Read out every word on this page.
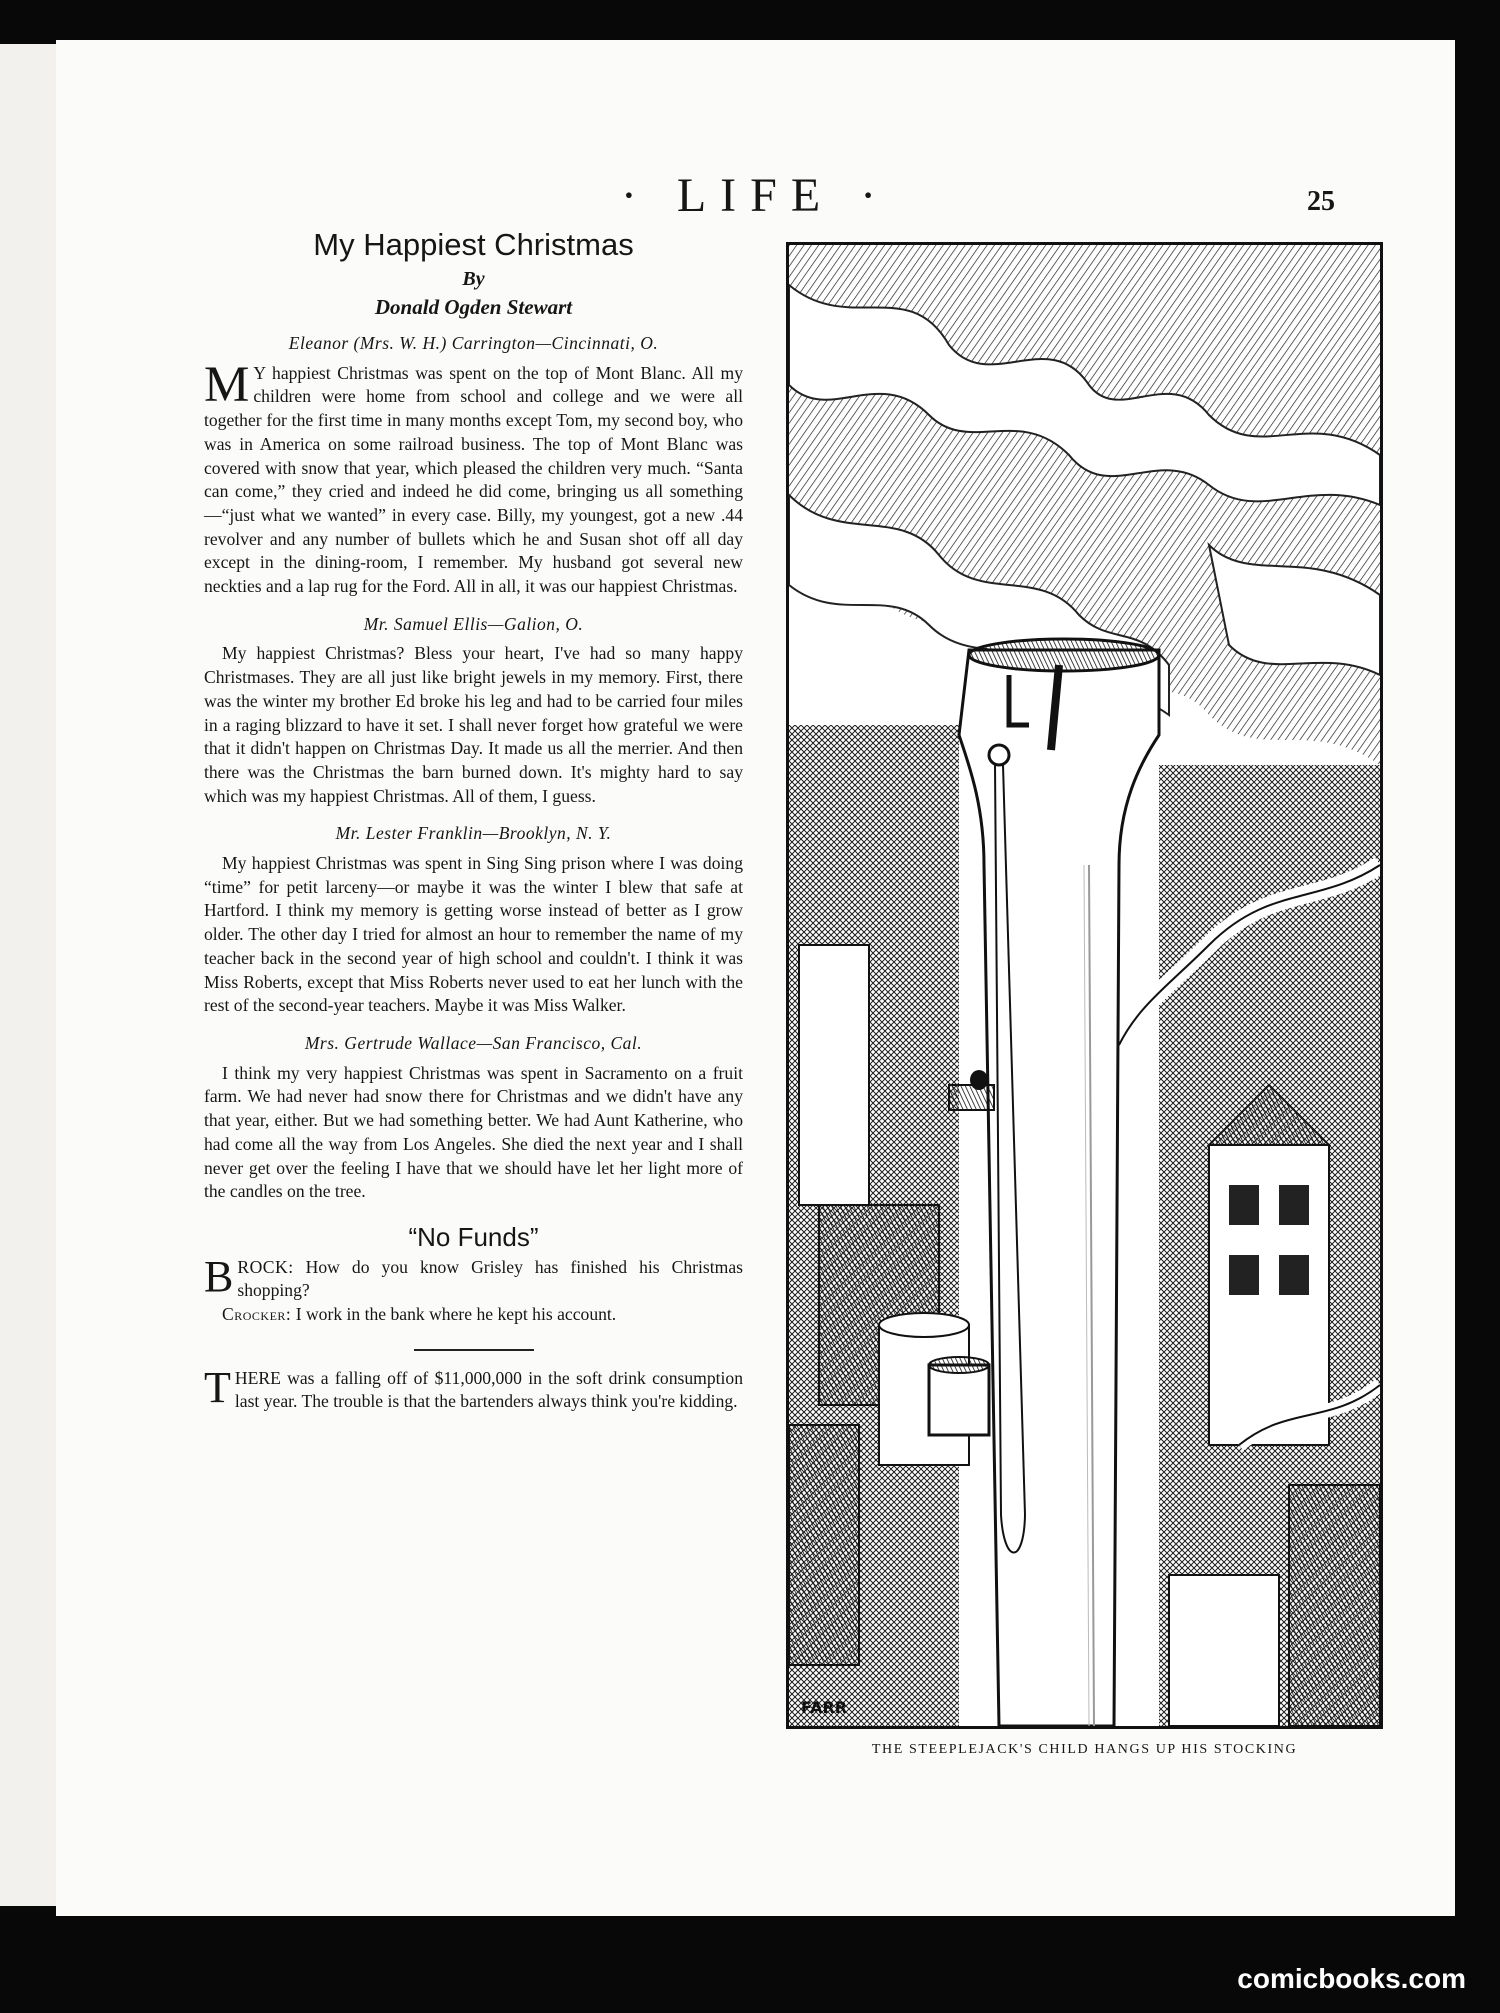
· LIFE ·	25
My Happiest Christmas
By
Donald Ogden Stewart
Eleanor (Mrs. W. H.) Carrington—Cincinnati, O.

M Y happiest Christmas was spent on the top of Mont Blanc. All my children were home from school and college and we were all together for the first time in many months except Tom, my second boy, who was in America on some railroad business. The top of Mont Blanc was covered with snow that year, which pleased the children very much. “Santa can come,” they cried and indeed he did come, bringing us all something—“just what we wanted” in every case. Billy, my youngest, got a new .44 revolver and any number of bullets which he and Susan shot off all day except in the dining-room, I remember. My husband got several new neckties and a lap rug for the Ford. All in all, it was our happiest Christmas.

Mr. Samuel Ellis—Galion, O.

My happiest Christmas? Bless your heart, I've had so many happy Christmases. They are all just like bright jewels in my memory. First, there was the winter my brother Ed broke his leg and had to be carried four miles in a raging blizzard to have it set. I shall never forget how grateful we were that it didn't happen on Christmas Day. It made us all the merrier. And then there was the Christmas the barn burned down. It's mighty hard to say which was my happiest Christmas. All of them, I guess.

Mr. Lester Franklin—Brooklyn, N. Y.

My happiest Christmas was spent in Sing Sing prison where I was doing “time” for petit larceny—or maybe it was the winter I blew that safe at Hartford. I think my memory is getting worse instead of better as I grow older. The other day I tried for almost an hour to remember the name of my teacher back in the second year of high school and couldn't. I think it was Miss Roberts, except that Miss Roberts never used to eat her lunch with the rest of the second-year teachers. Maybe it was Miss Walker.

Mrs. Gertrude Wallace—San Francisco, Cal.

I think my very happiest Christmas was spent in Sacramento on a fruit farm. We had never had snow there for Christmas and we didn't have any that year, either. But we had something better. We had Aunt Katherine, who had come all the way from Los Angeles. She died the next year and I shall never get over the feeling I have that we should have let her light more of the candles on the tree.

“No Funds”

BROCK: How do you know Grisley has finished his Christmas shopping?

Crocker: I work in the bank where he kept his account.

THERE was a falling off of $11,000,000 in the soft drink consumption last year. The trouble is that the bartenders always think you're kidding.

FARR
THE STEEPLEJACK'S CHILD HANGS UP HIS STOCKING
comicbooks.com
